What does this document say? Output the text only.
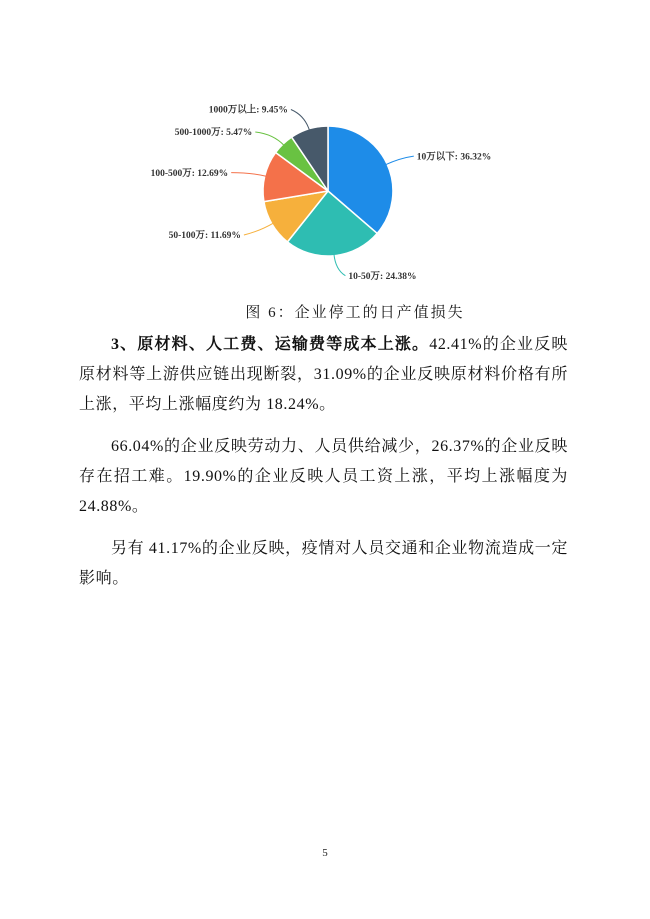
10万以下: 36.32%
10-50万: 24.38%
50-100万: 11.69%
100-500万: 12.69%
500-1000万: 5.47%
1000万以上: 9.45%
图 6：企业停工的日产值损失

3、原材料、人工费、运输费等成本上涨。42.41%的企业反映原材料等上游供应链出现断裂，31.09%的企业反映原材料价格有所上涨，平均上涨幅度约为 18.24%。

66.04%的企业反映劳动力、人员供给减少，26.37%的企业反映存在招工难。19.90%的企业反映人员工资上涨，平均上涨幅度为 24.88%。

另有 41.17%的企业反映，疫情对人员交通和企业物流造成一定影响。

5
